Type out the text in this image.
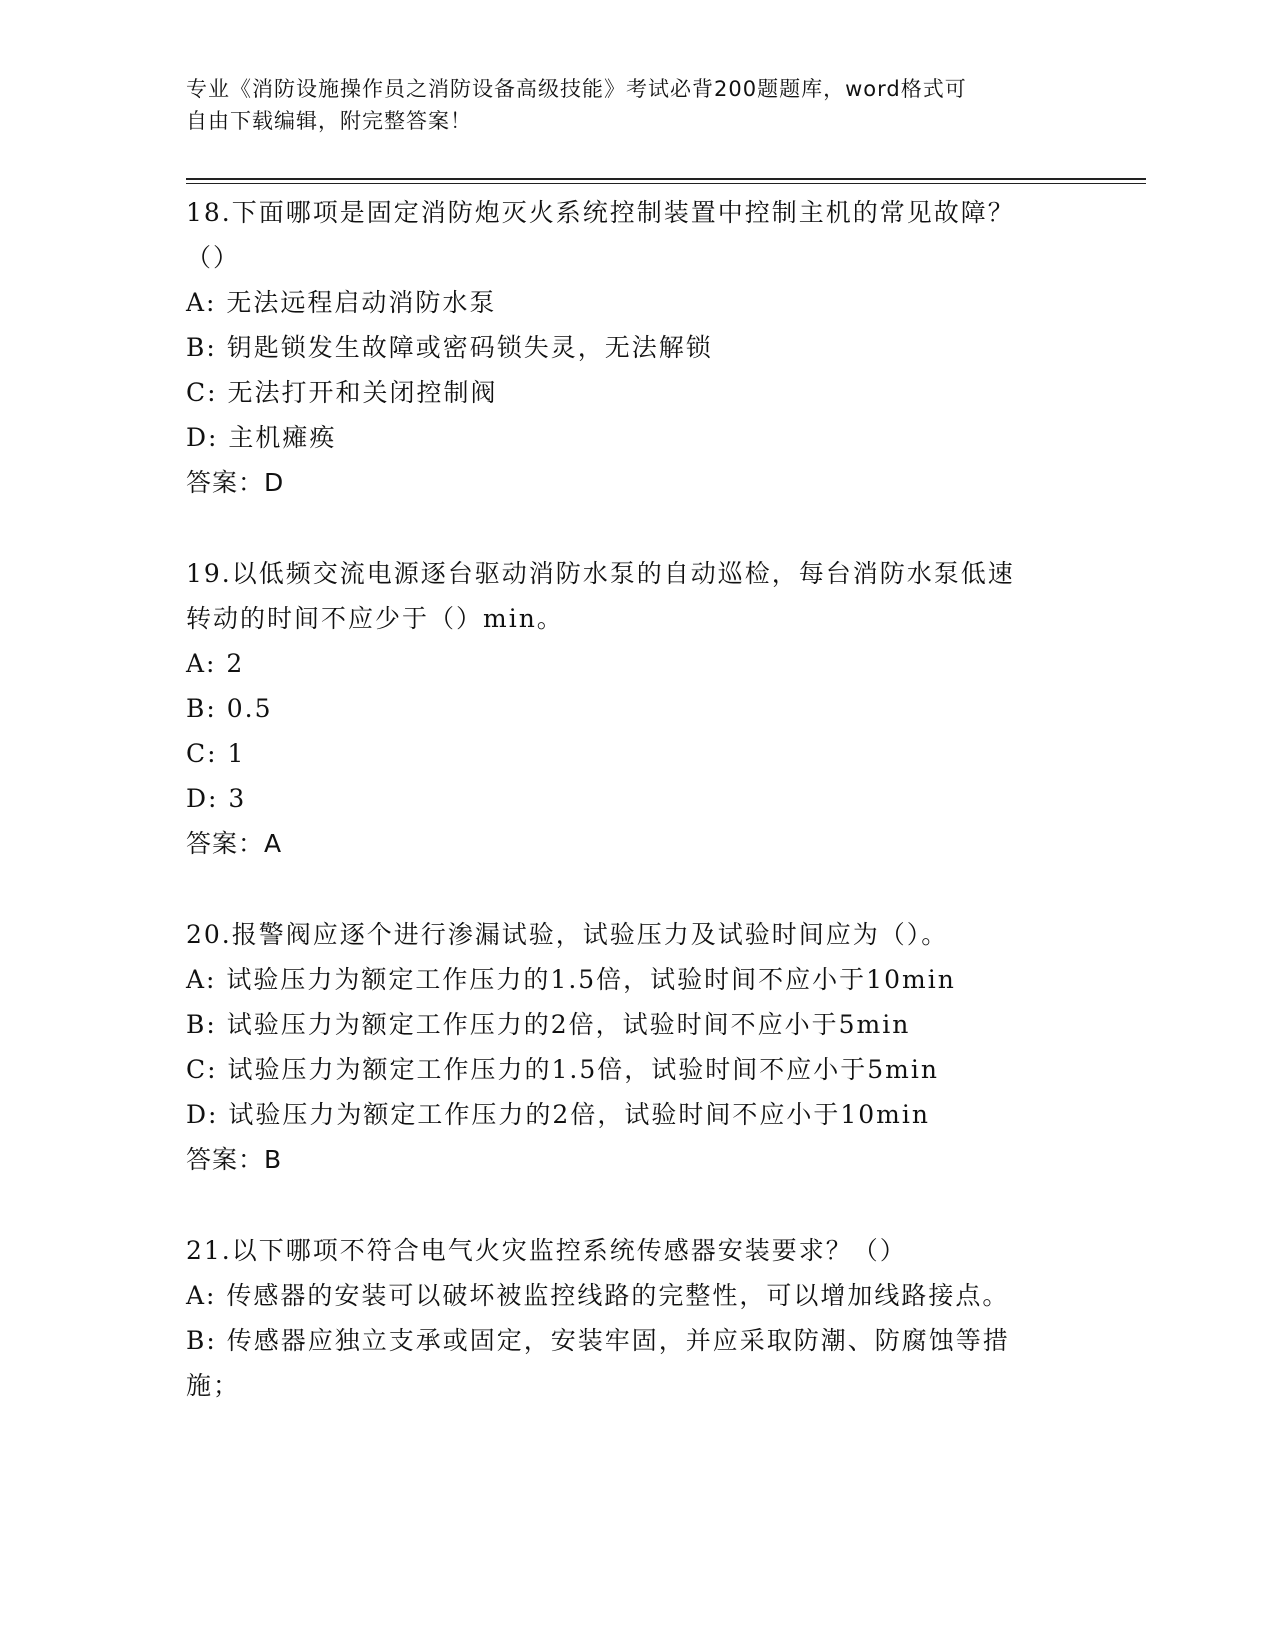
专业《消防设施操作员之消防设备高级技能》考试必背200题题库，word格式可
自由下载编辑，附完整答案！
18.下面哪项是固定消防炮灭火系统控制装置中控制主机的常见故障？
（）
A: 无法远程启动消防水泵
B: 钥匙锁发生故障或密码锁失灵，无法解锁
C: 无法打开和关闭控制阀
D: 主机瘫痪
答案：D
19.以低频交流电源逐台驱动消防水泵的自动巡检，每台消防水泵低速
转动的时间不应少于（）min。
A: 2
B: 0.5
C: 1
D: 3
答案：A
20.报警阀应逐个进行渗漏试验，试验压力及试验时间应为（）。
A: 试验压力为额定工作压力的1.5倍，试验时间不应小于10min
B: 试验压力为额定工作压力的2倍，试验时间不应小于5min
C: 试验压力为额定工作压力的1.5倍，试验时间不应小于5min
D: 试验压力为额定工作压力的2倍，试验时间不应小于10min
答案：B
21.以下哪项不符合电气火灾监控系统传感器安装要求？（）
A: 传感器的安装可以破坏被监控线路的完整性，可以增加线路接点。
B: 传感器应独立支承或固定，安装牢固，并应采取防潮、防腐蚀等措
施；
